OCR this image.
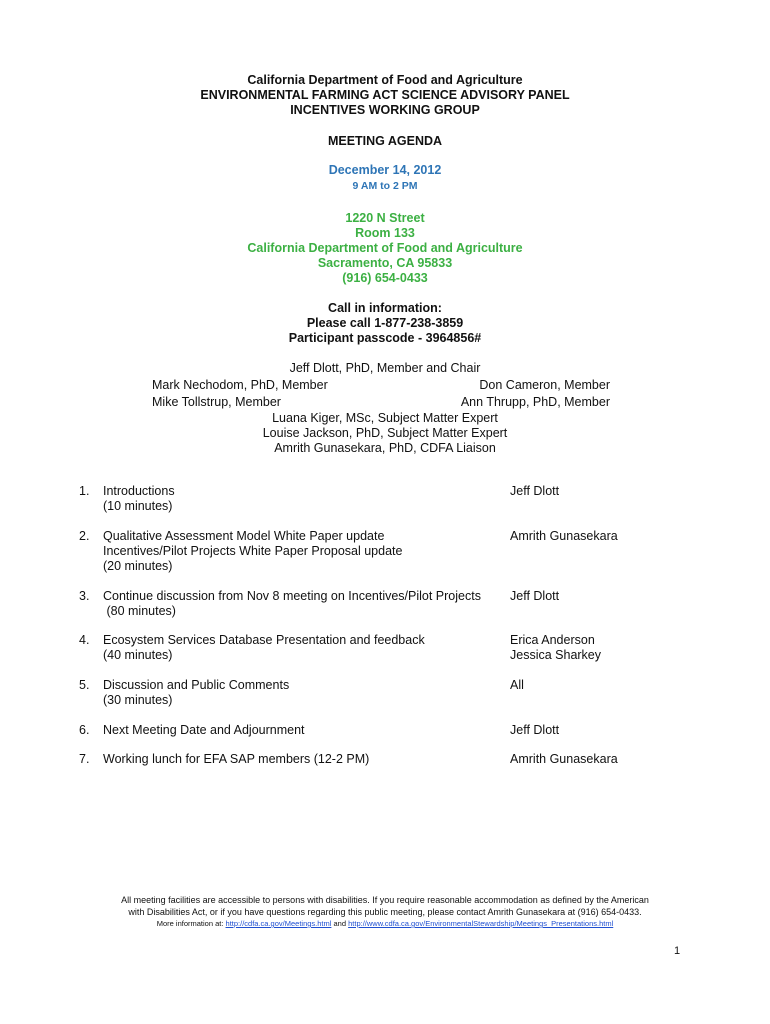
California Department of Food and Agriculture
ENVIRONMENTAL FARMING ACT SCIENCE ADVISORY PANEL
INCENTIVES WORKING GROUP
MEETING AGENDA
December 14, 2012
9 AM to 2 PM
1220 N Street
Room 133
California Department of Food and Agriculture
Sacramento, CA 95833
(916) 654-0433
Call in information:
Please call 1-877-238-3859
Participant passcode - 3964856#
Jeff Dlott, PhD, Member and Chair
Mark Nechodom, PhD, Member	Don Cameron, Member
Mike Tollstrup, Member	Ann Thrupp, PhD, Member
Luana Kiger, MSc, Subject Matter Expert
Louise Jackson, PhD, Subject Matter Expert
Amrith Gunasekara, PhD, CDFA Liaison
1. Introductions
(10 minutes)
Jeff Dlott
2. Qualitative Assessment Model White Paper update
Incentives/Pilot Projects White Paper Proposal update
(20 minutes)
Amrith Gunasekara
3. Continue discussion from Nov 8 meeting on Incentives/Pilot Projects
(80 minutes)
Jeff Dlott
4. Ecosystem Services Database Presentation and feedback
(40 minutes)
Erica Anderson
Jessica Sharkey
5. Discussion and Public Comments
(30 minutes)
All
6. Next Meeting Date and Adjournment	Jeff Dlott
7. Working lunch for EFA SAP members (12-2 PM)	Amrith Gunasekara
All meeting facilities are accessible to persons with disabilities. If you require reasonable accommodation as defined by the American
with Disabilities Act, or if you have questions regarding this public meeting, please contact Amrith Gunasekara at (916) 654-0433.
More information at: http://cdfa.ca.gov/Meetings.html and http://www.cdfa.ca.gov/EnvironmentalStewardship/Meetings_Presentations.html
1
